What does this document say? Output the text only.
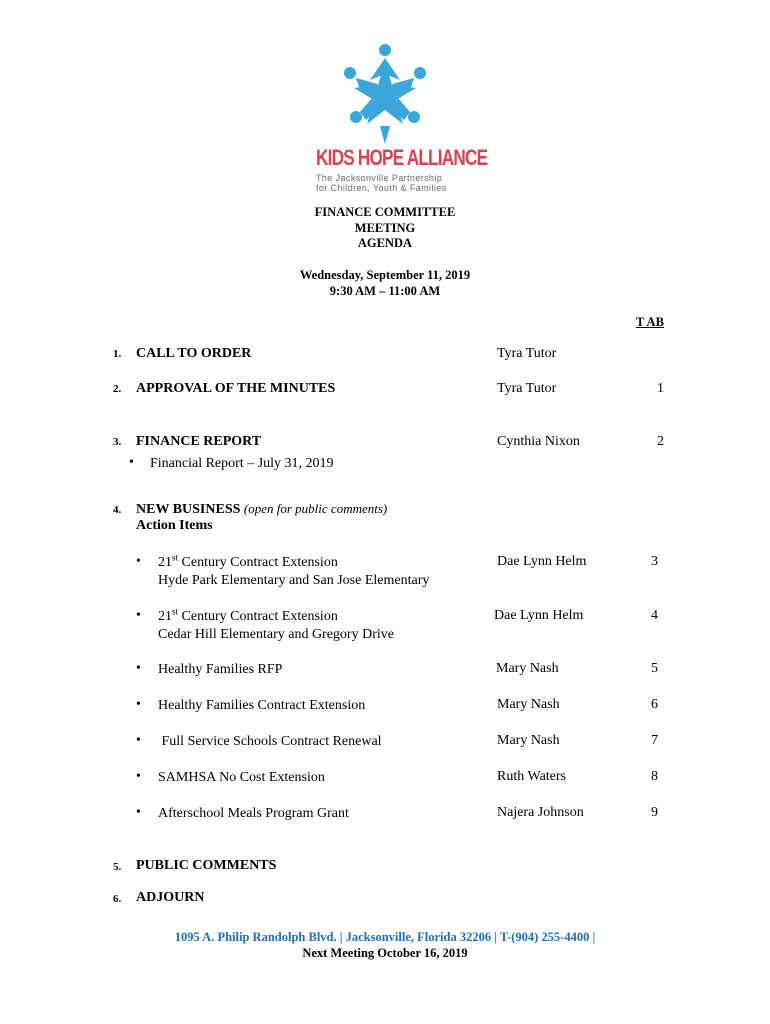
KIDS HOPE ALLIANCE
The Jacksonville Partnership
for Children, Youth & Families
FINANCE COMMITTEE
MEETING
AGENDA
Wednesday, September 11, 2019
9:30 AM – 11:00 AM
T AB
1. CALL TO ORDER	Tyra Tutor
2. APPROVAL OF THE MINUTES	Tyra Tutor	1
3. FINANCE REPORT	Cynthia Nixon	2
• Financial Report – July 31, 2019
4. NEW BUSINESS (open for public comments)
Action Items
• 21st Century Contract Extension
Hyde Park Elementary and San Jose Elementary
Dae Lynn Helm	3
• 21st Century Contract Extension
Cedar Hill Elementary and Gregory Drive
Dae Lynn Helm	4
• Healthy Families RFP	Mary Nash	5
• Healthy Families Contract Extension	Mary Nash	6
• Full Service Schools Contract Renewal	Mary Nash	7
• SAMHSA No Cost Extension	Ruth Waters	8
• Afterschool Meals Program Grant	Najera Johnson	9
5. PUBLIC COMMENTS
6. ADJOURN
1095 A. Philip Randolph Blvd. | Jacksonville, Florida 32206 | T-(904) 255-4400 |
Next Meeting October 16, 2019
